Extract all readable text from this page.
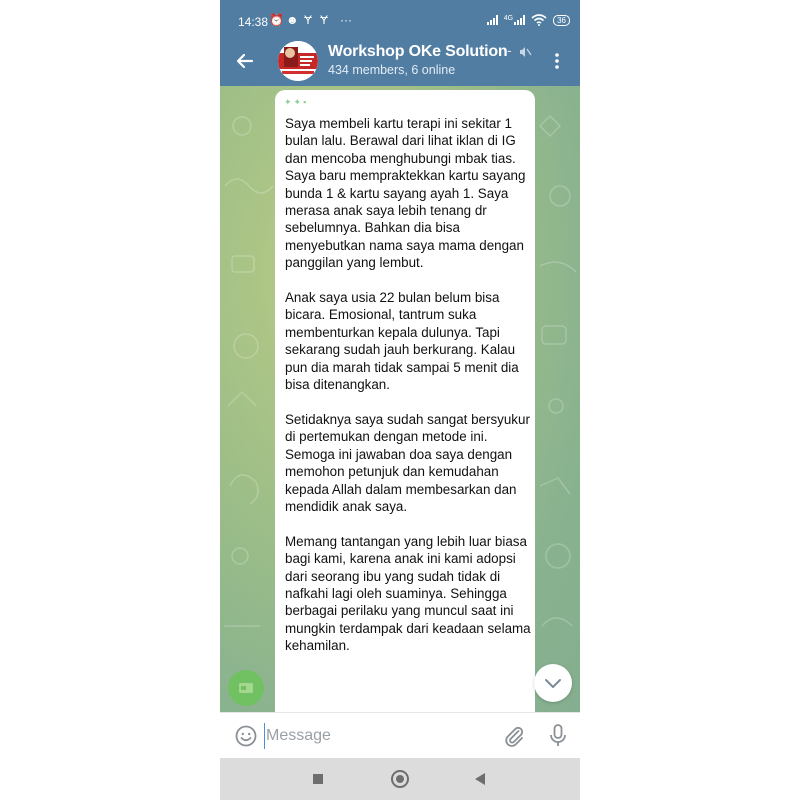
14:38 ⏰ ☻ Ɏ Ɏ ···	4G	36
Workshop OKe Solution -
434 members, 6 online
✦✦▪

Saya membeli kartu terapi ini sekitar 1 bulan lalu. Berawal dari lihat iklan di IG dan mencoba menghubungi mbak tias. Saya baru mempraktekkan kartu sayang bunda 1 & kartu sayang ayah 1. Saya merasa anak saya lebih tenang dr sebelumnya. Bahkan dia bisa menyebutkan nama saya mama dengan panggilan yang lembut.

Anak saya usia 22 bulan belum bisa bicara. Emosional, tantrum suka membenturkan kepala dulunya. Tapi sekarang sudah jauh berkurang. Kalau pun dia marah tidak sampai 5 menit dia bisa ditenangkan.

Setidaknya saya sudah sangat bersyukur di pertemukan dengan metode ini. Semoga ini jawaban doa saya dengan memohon petunjuk dan kemudahan kepada Allah dalam membesarkan dan mendidik anak saya.

Memang tantangan yang lebih luar biasa bagi kami, karena anak ini kami adopsi dari seorang ibu yang sudah tidak di nafkahi lagi oleh suaminya. Sehingga berbagai perilaku yang muncul saat ini mungkin terdampak dari keadaan selama kehamilan.

Message
